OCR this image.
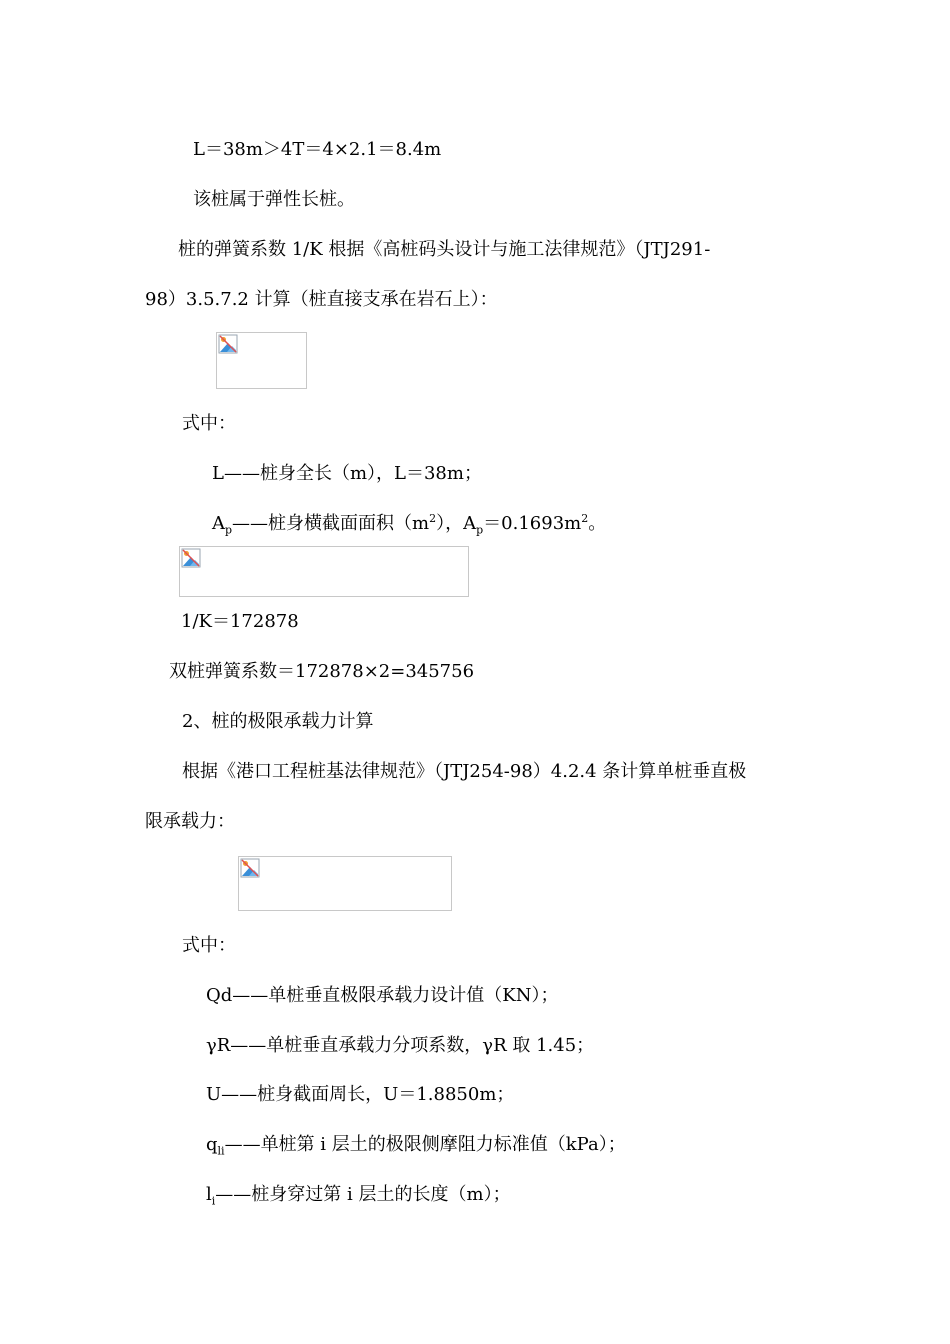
L＝38m＞4T＝4×2.1＝8.4m
该桩属于弹性长桩。
桩的弹簧系数 1/K 根据《高桩码头设计与施工法律规范》（JTJ291-
98）3.5.7.2 计算（桩直接支承在岩石上）：
式中：
L——桩身全长（m），L＝38m；
$A_p——$桩身横截面面积$(m^2)$，$A_p=0.1693m^2$。
1/K＝172878
双桩弹簧系数＝172878×2=345756
2、桩的极限承载力计算
根据《港口工程桩基法律规范》（JTJ254-98）4.2.4 条计算单桩垂直极
限承载力：
式中：
Qd——单桩垂直极限承载力设计值（KN）；
γR——单桩垂直承载力分项系数，γR 取 1.45；
U——桩身截面周长，U＝1.8850m；
$q_{li}——$单桩第 i 层土的极限侧摩阻力标准值（kPa）；
$l_i——$桩身穿过第 i 层土的长度（m）；
